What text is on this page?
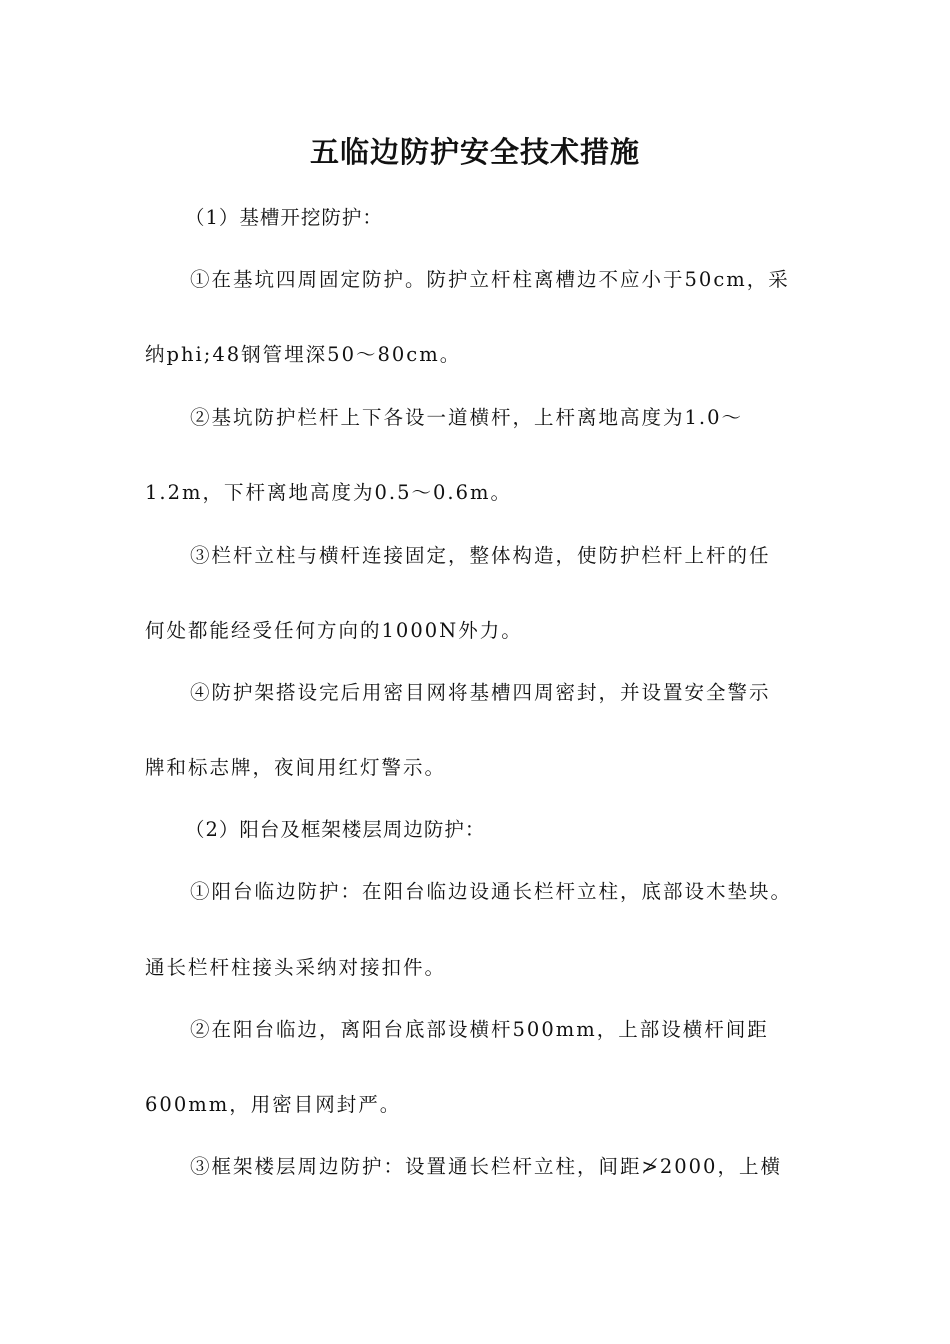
五临边防护安全技术措施
（1）基槽开挖防护：
①在基坑四周固定防护。防护立杆柱离槽边不应小于50cm，采
纳phi;48钢管埋深50～80cm。
②基坑防护栏杆上下各设一道横杆，上杆离地高度为1.0～
1.2m，下杆离地高度为0.5～0.6m。
③栏杆立柱与横杆连接固定，整体构造，使防护栏杆上杆的任
何处都能经受任何方向的1000N外力。
④防护架搭设完后用密目网将基槽四周密封，并设置安全警示
牌和标志牌，夜间用红灯警示。
（2）阳台及框架楼层周边防护：
①阳台临边防护：在阳台临边设通长栏杆立柱，底部设木垫块。
通长栏杆柱接头采纳对接扣件。
②在阳台临边，离阳台底部设横杆500mm，上部设横杆间距
600mm，用密目网封严。
③框架楼层周边防护：设置通长栏杆立柱，间距≯2000，上横
